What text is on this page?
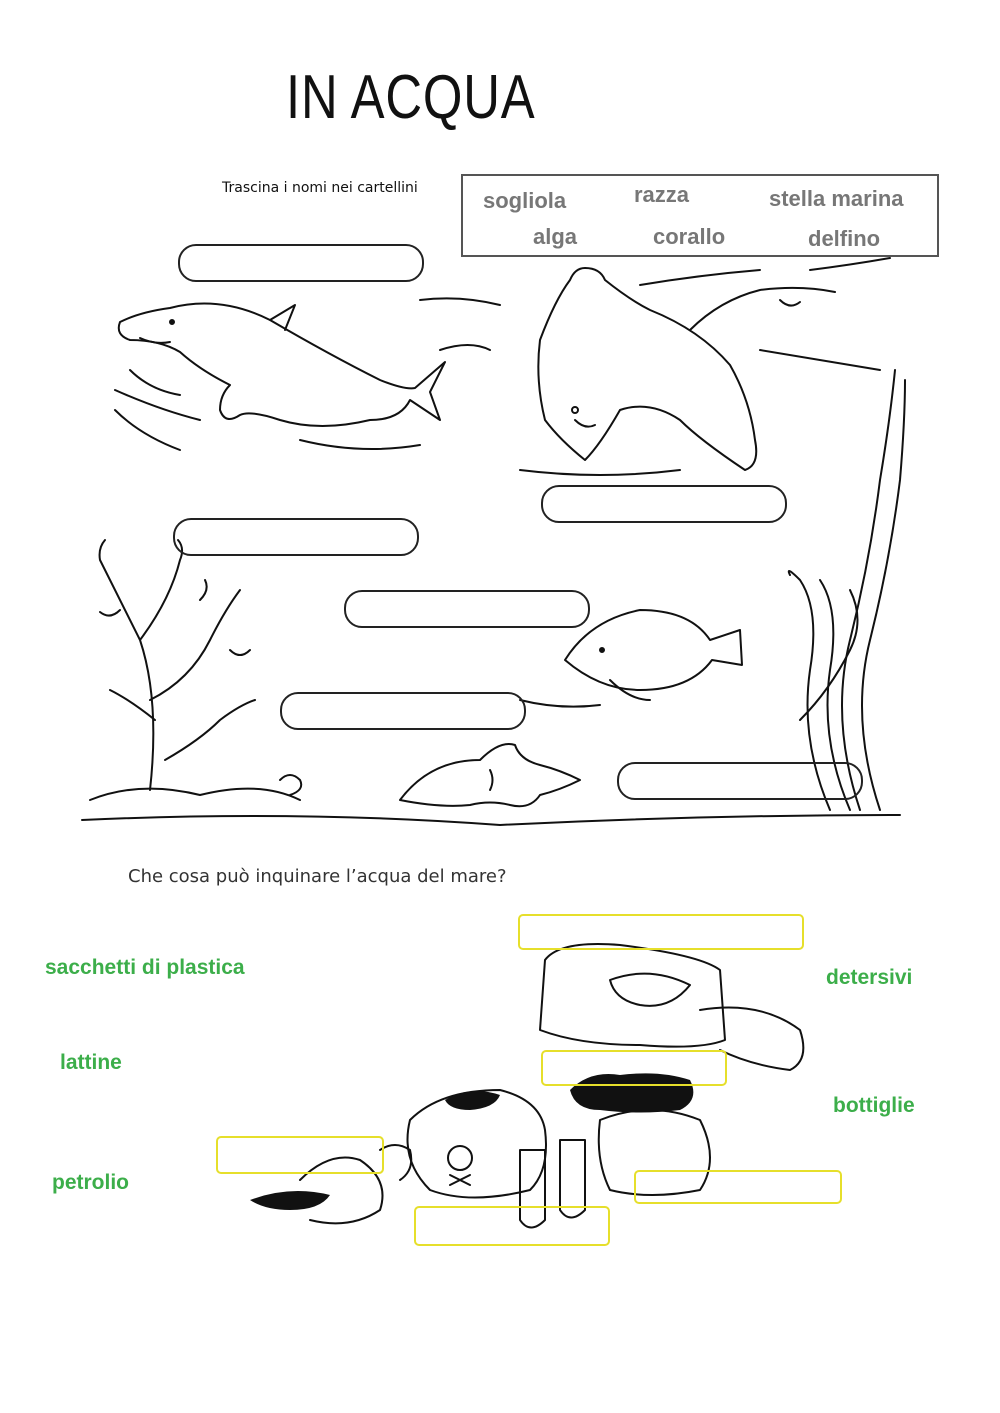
IN ACQUA
Trascina i nomi nei cartellini	sogliola	razza	stella marina
alga	corallo	delfino
Che cosa può inquinare l’acqua del mare?
sacchetti di plastica	detersivi
lattine
bottiglie
petrolio
